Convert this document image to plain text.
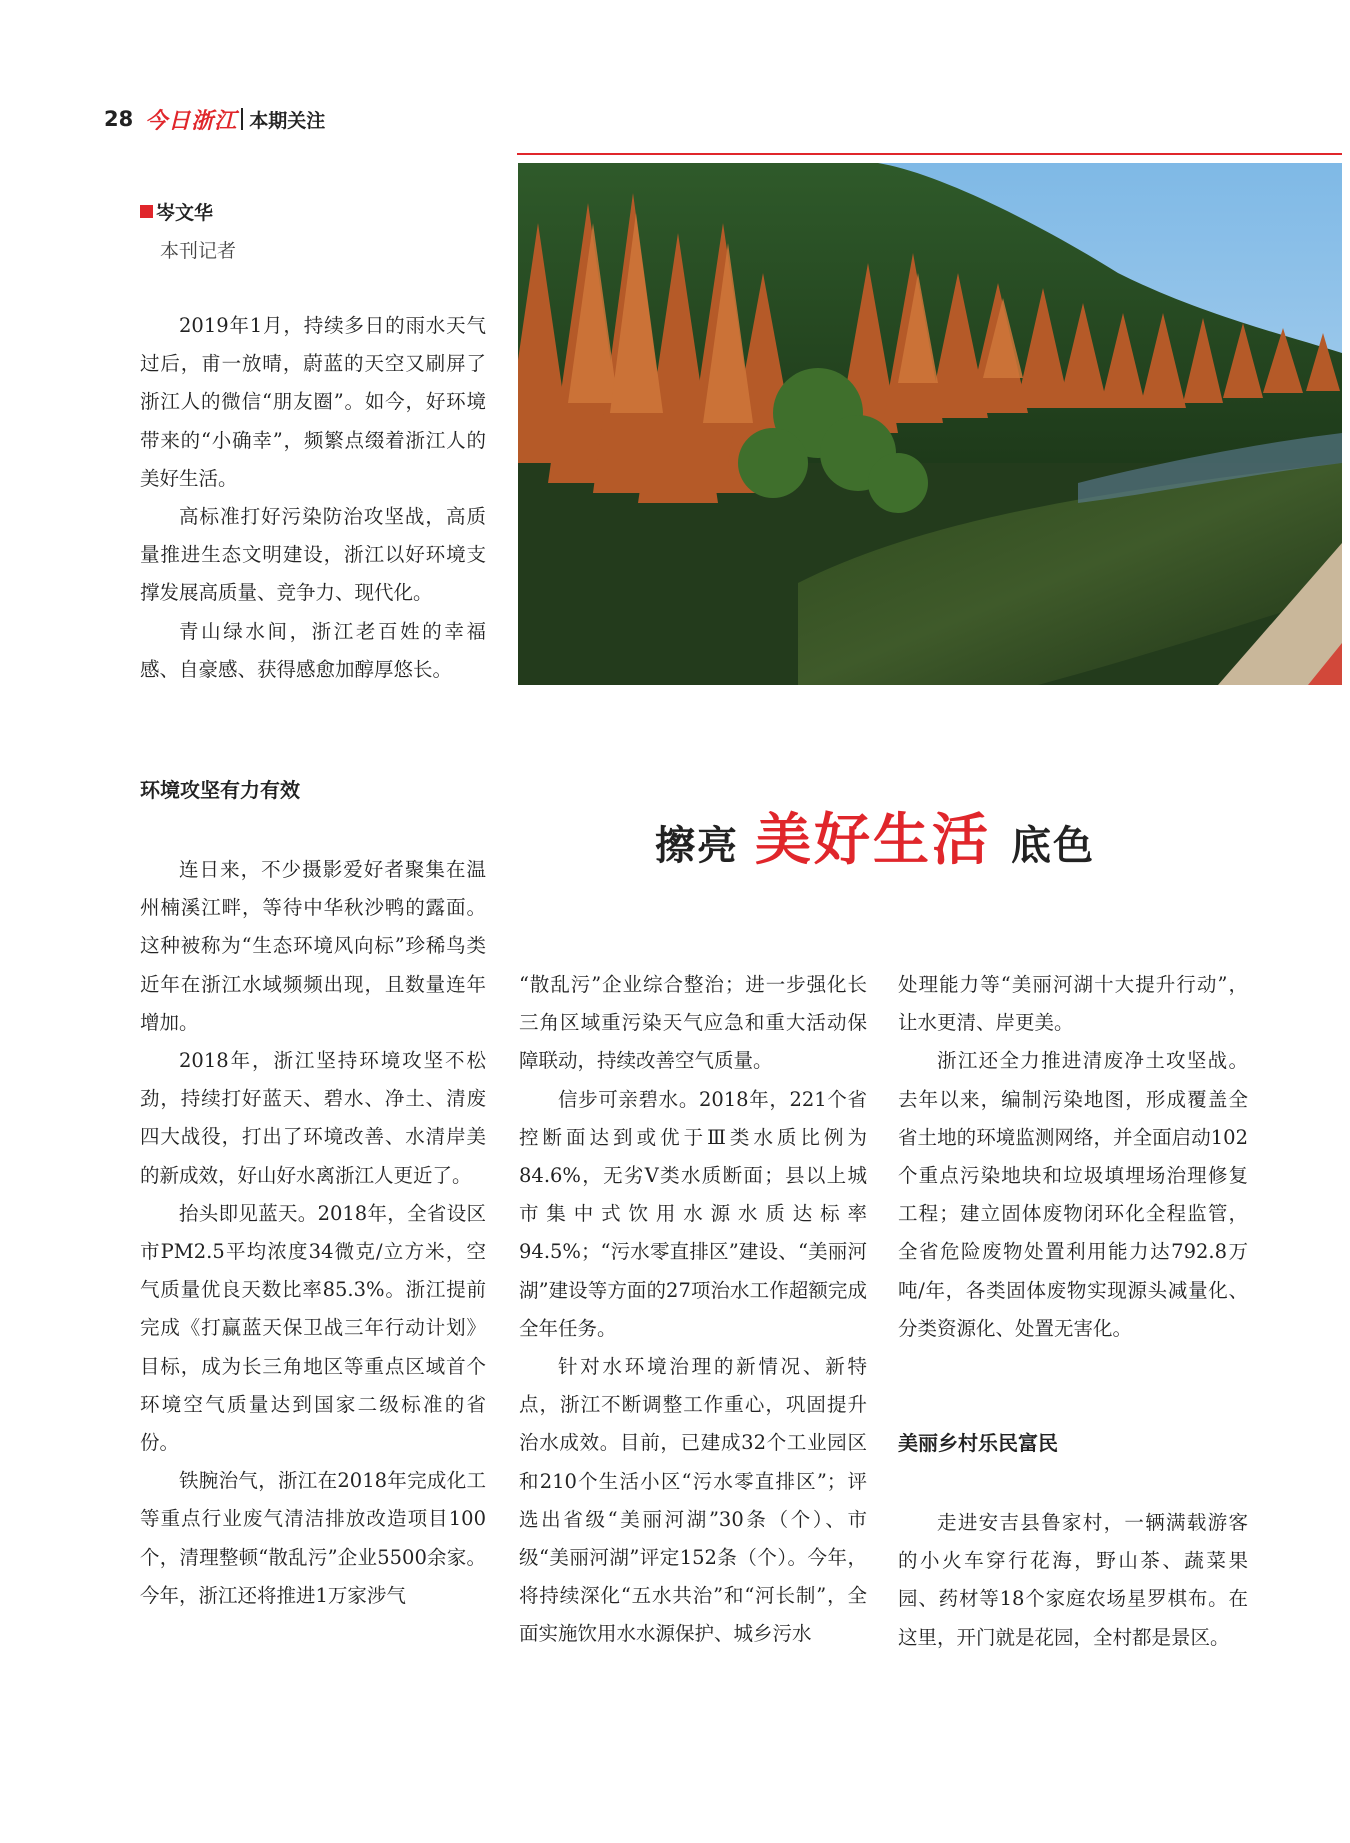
28 今日浙江 本期关注
岑文华
本刊记者

2019年1月，持续多日的雨水天气过后，甫一放晴，蔚蓝的天空又刷屏了浙江人的微信“朋友圈”。如今，好环境带来的“小确幸”，频繁点缀着浙江人的美好生活。

高标准打好污染防治攻坚战，高质量推进生态文明建设，浙江以好环境支撑发展高质量、竞争力、现代化。

青山绿水间，浙江老百姓的幸福感、自豪感、获得感愈加醇厚悠长。

环境攻坚有力有效

连日来，不少摄影爱好者聚集在温州楠溪江畔，等待中华秋沙鸭的露面。这种被称为“生态环境风向标”珍稀鸟类近年在浙江水域频频出现，且数量连年增加。

2018年，浙江坚持环境攻坚不松劲，持续打好蓝天、碧水、净土、清废四大战役，打出了环境改善、水清岸美的新成效，好山好水离浙江人更近了。

抬头即见蓝天。2018年，全省设区市PM2.5平均浓度34微克/立方米，空气质量优良天数比率85.3%。浙江提前完成《打赢蓝天保卫战三年行动计划》目标，成为长三角地区等重点区域首个环境空气质量达到国家二级标准的省份。

铁腕治气，浙江在2018年完成化工等重点行业废气清洁排放改造项目100个，清理整顿“散乱污”企业5500余家。今年，浙江还将推进1万家涉气

擦亮 美好生活 底色

“散乱污”企业综合整治；进一步强化长三角区域重污染天气应急和重大活动保障联动，持续改善空气质量。

信步可亲碧水。2018年，221个省控断面达到或优于Ⅲ类水质比例为84.6%，无劣Ⅴ类水质断面；县以上城市集中式饮用水源水质达标率94.5%；“污水零直排区”建设、“美丽河湖”建设等方面的27项治水工作超额完成全年任务。

针对水环境治理的新情况、新特点，浙江不断调整工作重心，巩固提升治水成效。目前，已建成32个工业园区和210个生活小区“污水零直排区”；评选出省级“美丽河湖”30条（个）、市级“美丽河湖”评定152条（个）。今年，将持续深化“五水共治”和“河长制”，全面实施饮用水水源保护、城乡污水

处理能力等“美丽河湖十大提升行动”，让水更清、岸更美。

浙江还全力推进清废净土攻坚战。去年以来，编制污染地图，形成覆盖全省土地的环境监测网络，并全面启动102个重点污染地块和垃圾填埋场治理修复工程；建立固体废物闭环化全程监管，全省危险废物处置利用能力达792.8万吨/年，各类固体废物实现源头减量化、分类资源化、处置无害化。

美丽乡村乐民富民

走进安吉县鲁家村，一辆满载游客的小火车穿行花海，野山茶、蔬菜果园、药材等18个家庭农场星罗棋布。在这里，开门就是花园，全村都是景区。
